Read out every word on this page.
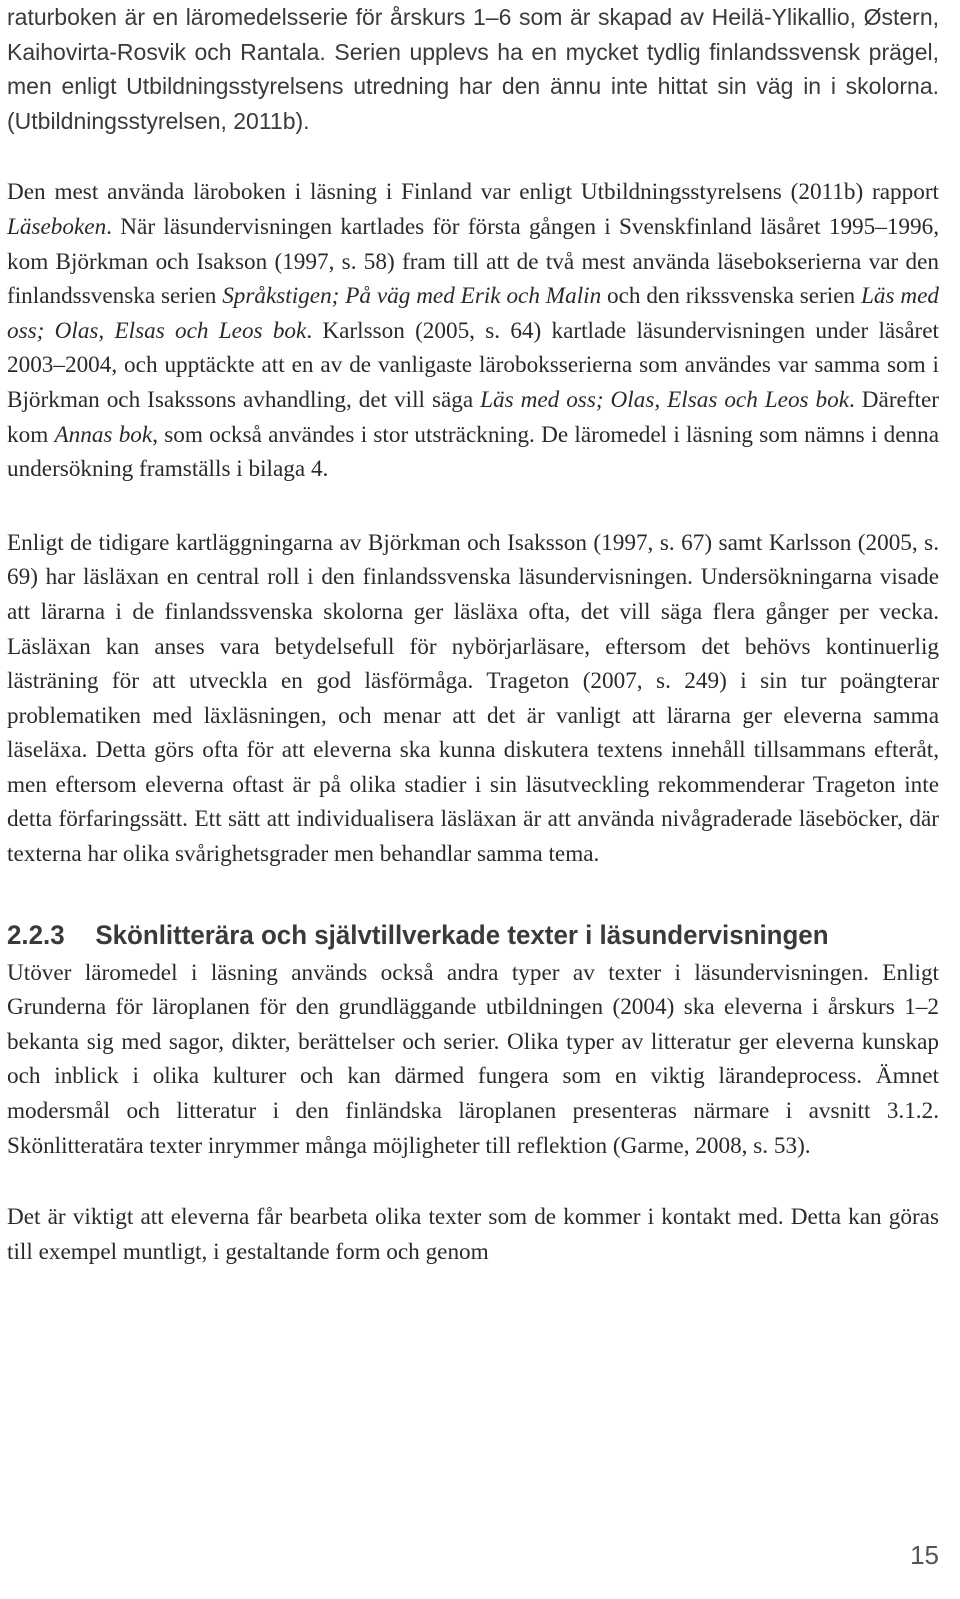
raturboken är en läromedelsserie för årskurs 1–6 som är skapad av Heilä-Ylikallio, Østern, Kaihovirta-Rosvik och Rantala. Serien upplevs ha en mycket tydlig finlandssvensk prägel, men enligt Utbildningsstyrelsens utredning har den ännu inte hittat sin väg in i skolorna. (Utbildningsstyrelsen, 2011b).

Den mest använda läroboken i läsning i Finland var enligt Utbildningsstyrelsens (2011b) rapport Läseboken. När läsundervisningen kartlades för första gången i Svenskfinland läsåret 1995–1996, kom Björkman och Isakson (1997, s. 58) fram till att de två mest använda läsebokserierna var den finlandssvenska serien Språkstigen; På väg med Erik och Malin och den rikssvenska serien Läs med oss; Olas, Elsas och Leos bok. Karlsson (2005, s. 64) kartlade läsundervisningen under läsåret 2003–2004, och upptäckte att en av de vanligaste läroboksserierna som användes var samma som i Björkman och Isakssons avhandling, det vill säga Läs med oss; Olas, Elsas och Leos bok. Därefter kom Annas bok, som också användes i stor utsträckning. De läromedel i läsning som nämns i denna undersökning framställs i bilaga 4.

Enligt de tidigare kartläggningarna av Björkman och Isaksson (1997, s. 67) samt Karlsson (2005, s. 69) har läsläxan en central roll i den finlandssvenska läsundervisningen. Undersökningarna visade att lärarna i de finlandssvenska skolorna ger läsläxa ofta, det vill säga flera gånger per vecka. Läsläxan kan anses vara betydelsefull för nybörjarläsare, eftersom det behövs kontinuerlig lästräning för att utveckla en god läsförmåga. Trageton (2007, s. 249) i sin tur poängterar problematiken med läxläsningen, och menar att det är vanligt att lärarna ger eleverna samma läseläxa. Detta görs ofta för att eleverna ska kunna diskutera textens innehåll tillsammans efteråt, men eftersom eleverna oftast är på olika stadier i sin läsutveckling rekommenderar Trageton inte detta förfaringssätt. Ett sätt att individualisera läsläxan är att använda nivågraderade läseböcker, där texterna har olika svårighetsgrader men behandlar samma tema.

2.2.3 Skönlitterära och självtillverkade texter i läsundervisningen

Utöver läromedel i läsning används också andra typer av texter i läsundervisningen. Enligt Grunderna för läroplanen för den grundläggande utbildningen (2004) ska eleverna i årskurs 1–2 bekanta sig med sagor, dikter, berättelser och serier. Olika typer av litteratur ger eleverna kunskap och inblick i olika kulturer och kan därmed fungera som en viktig lärandeprocess. Ämnet modersmål och litteratur i den finländska läroplanen presenteras närmare i avsnitt 3.1.2. Skönlitteratära texter inrymmer många möjligheter till reflektion (Garme, 2008, s. 53).

Det är viktigt att eleverna får bearbeta olika texter som de kommer i kontakt med. Detta kan göras till exempel muntligt, i gestaltande form och genom

15
